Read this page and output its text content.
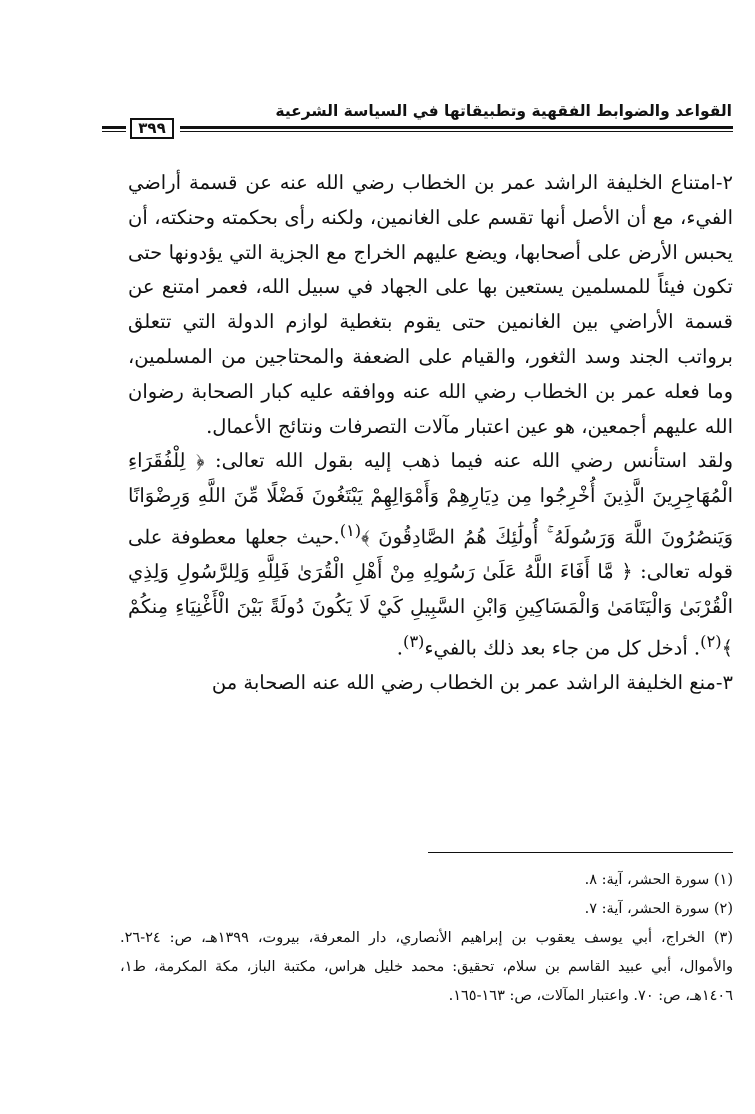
القواعد والضوابط الفقهية وتطبيقاتها في السياسة الشرعية
٣٩٩

٢-امتناع الخليفة الراشد عمر بن الخطاب رضي الله عنه عن قسمة أراضي الفيء، مع أن الأصل أنها تقسم على الغانمين، ولكنه رأى بحكمته وحنكته، أن يحبس الأرض على أصحابها، ويضع عليهم الخراج مع الجزية التي يؤدونها حتى تكون فيئاً للمسلمين يستعين بها على الجهاد في سبيل الله، فعمر امتنع عن قسمة الأراضي بين الغانمين حتى يقوم بتغطية لوازم الدولة التي تتعلق برواتب الجند وسد الثغور، والقيام على الضعفة والمحتاجين من المسلمين، وما فعله عمر بن الخطاب رضي الله عنه ووافقه عليه كبار الصحابة رضوان الله عليهم أجمعين، هو عين اعتبار مآلات التصرفات ونتائج الأعمال.

ولقد استأنس رضي الله عنه فيما ذهب إليه بقول الله تعالى: ﴿ لِلْفُقَرَاءِ الْمُهَاجِرِينَ الَّذِينَ أُخْرِجُوا مِن دِيَارِهِمْ وَأَمْوَالِهِمْ يَبْتَغُونَ فَضْلًا مِّنَ اللَّهِ وَرِضْوَانًا وَيَنصُرُونَ اللَّهَ وَرَسُولَهُ ۚ أُولَٰئِكَ هُمُ الصَّادِقُونَ ﴾$^{(١)}$.حيث جعلها معطوفة على قوله تعالى: ﴿ مَّا أَفَاءَ اللَّهُ عَلَىٰ رَسُولِهِ مِنْ أَهْلِ الْقُرَىٰ فَلِلَّهِ وَلِلرَّسُولِ وَلِذِي الْقُرْبَىٰ وَالْيَتَامَىٰ وَالْمَسَاكِينِ وَابْنِ السَّبِيلِ كَيْ لَا يَكُونَ دُولَةً بَيْنَ الْأَغْنِيَاءِ مِنكُمْ ﴾$^{(٢)}$. أدخل كل من جاء بعد ذلك بالفيء$^{(٣)}$.

٣-منع الخليفة الراشد عمر بن الخطاب رضي الله عنه الصحابة من

(١) سورة الحشر، آية: ٨.

(٢) سورة الحشر، آية: ٧.

(٣) الخراج، أبي يوسف يعقوب بن إبراهيم الأنصاري، دار المعرفة، بيروت، ١٣٩٩هـ، ص: ٢٤-٢٦. والأموال، أبي عبيد القاسم بن سلام، تحقيق: محمد خليل هراس، مكتبة الباز، مكة المكرمة، ط١، ١٤٠٦هـ، ص: ٧٠. واعتبار المآلات، ص: ١٦٣-١٦٥.
